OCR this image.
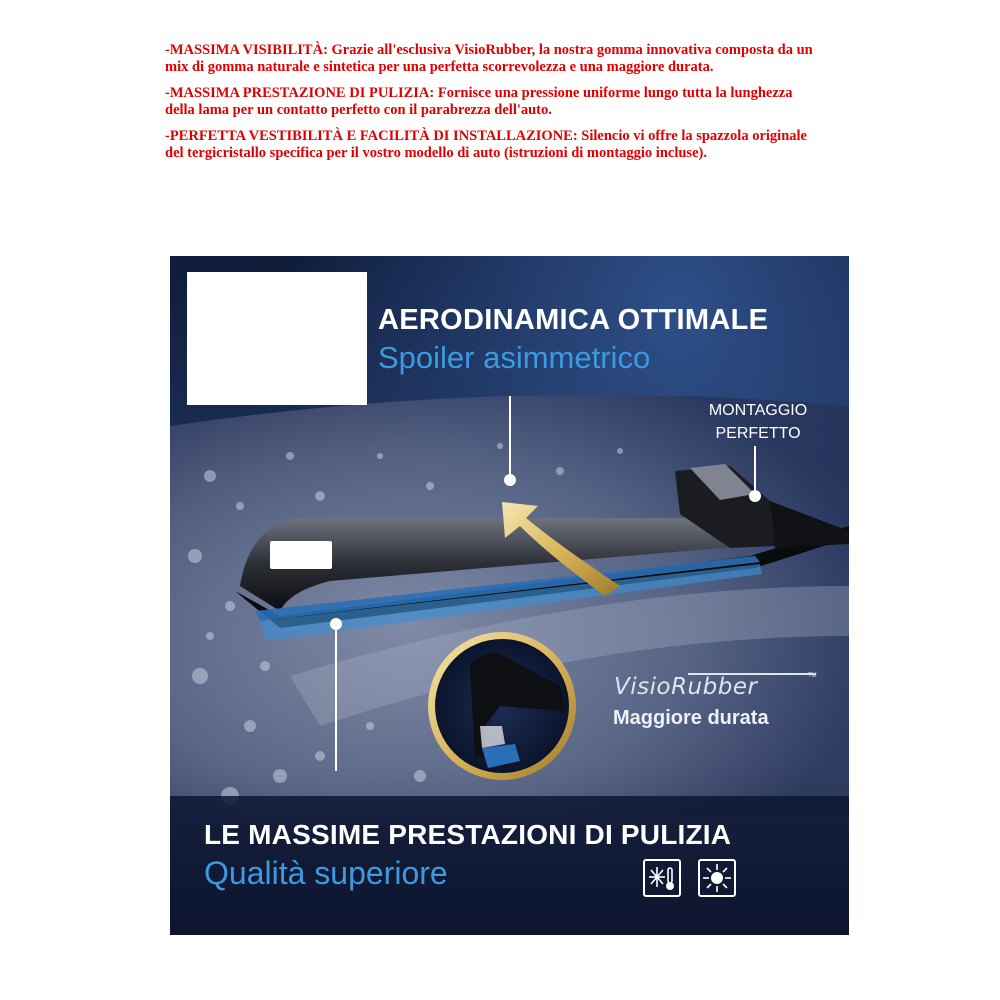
-MASSIMA VISIBILITÀ: Grazie all'esclusiva VisioRubber, la nostra gomma innovativa composta da un mix di gomma naturale e sintetica per una perfetta scorrevolezza e una maggiore durata.

-MASSIMA PRESTAZIONE DI PULIZIA: Fornisce una pressione uniforme lungo tutta la lunghezza della lama per un contatto perfetto con il parabrezza dell'auto.

-PERFETTA VESTIBILITÀ E FACILITÀ DI INSTALLAZIONE: Silencio vi offre la spazzola originale del tergicristallo specifica per il vostro modello di auto (istruzioni di montaggio incluse).

AERODINAMICA OTTIMALE
Spoiler asimmetrico
MONTAGGIO
PERFETTO
VisioRubber	TM
Maggiore durata
LE MASSIME PRESTAZIONI DI PULIZIA
Qualità superiore
